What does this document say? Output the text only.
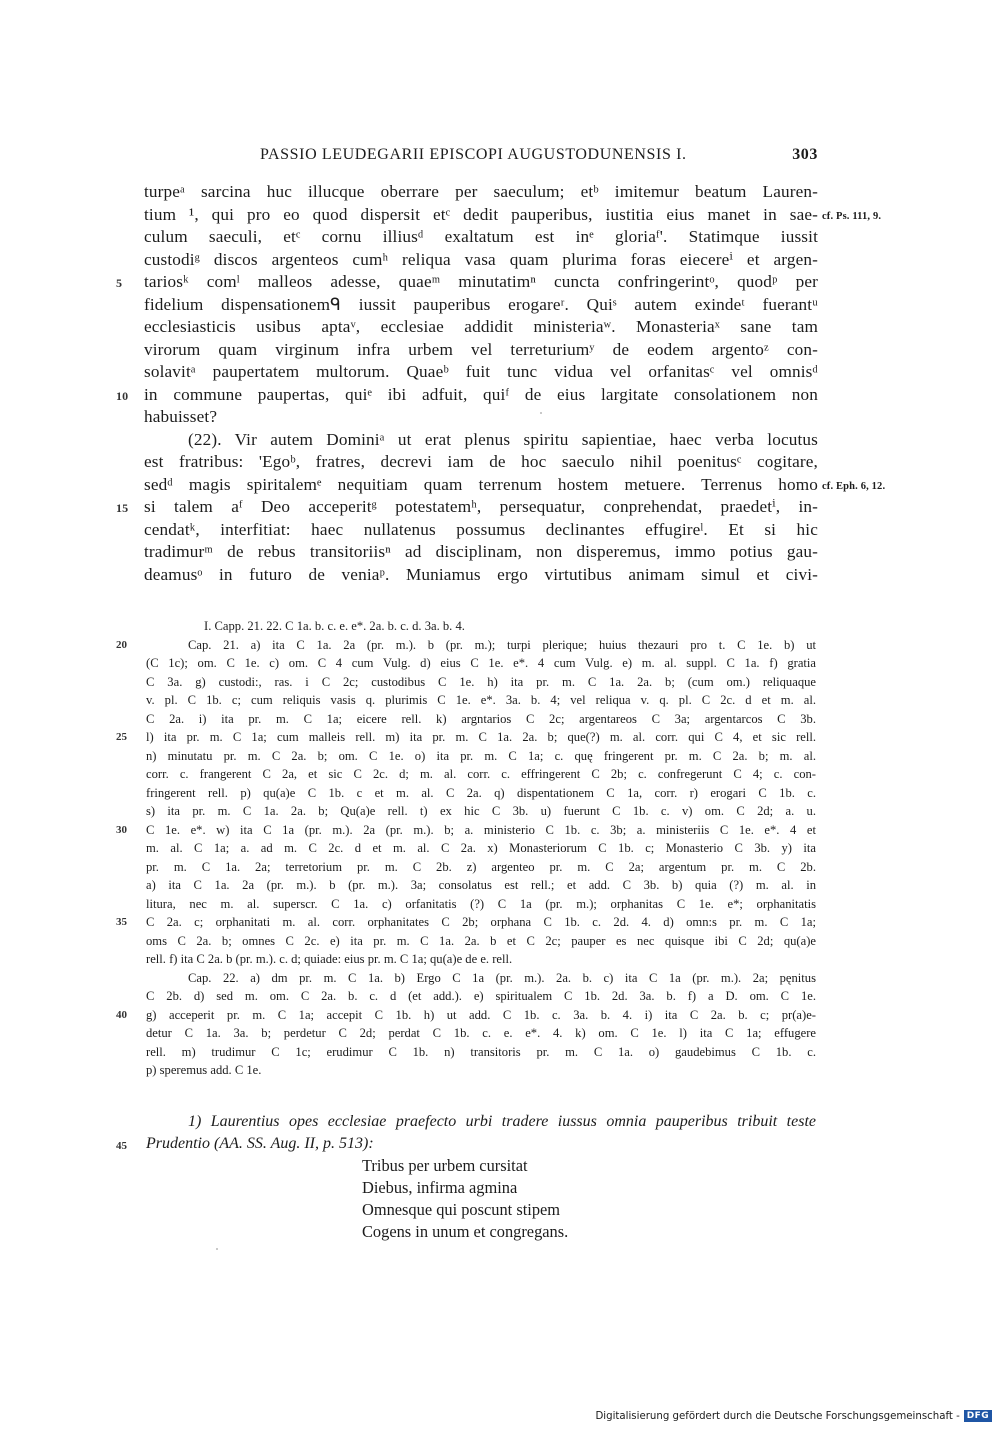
PASSIO LEUDEGARII EPISCOPI AUGUSTODUNENSIS I.	303
turpeᵃ sarcina huc illucque oberrare per saeculum; etᵇ imitemur beatum Lauren-
tium ¹, qui pro eo quod dispersit etᶜ dedit pauperibus, iustitia eius manet in sae- cf. Ps. 111, 9.
culum saeculi, etᶜ cornu illiusᵈ exaltatum est inᵉ gloriaᶠ'. Statimque iussit
custodiᵍ discos argenteos cumʰ reliqua vasa quam plurima foras eiecereⁱ et argen-
5 tariosᵏ comˡ malleos adesse, quaeᵐ minutatimⁿ cuncta confringerintᵒ, quodᵖ per
fidelium dispensationemᑫ iussit pauperibus erogareʳ. Quiˢ autem exindeᵗ fuerantᵘ
ecclesiasticis usibus aptaᵛ, ecclesiae addidit ministeriaʷ. Monasteriaˣ sane tam
virorum quam virginum infra urbem vel terreturiumʸ de eodem argentoᶻ con-
solavitᵃ paupertatem multorum. Quaeᵇ fuit tunc vidua vel orfanitasᶜ vel omnisᵈ
10 in commune paupertas, quiᵉ ibi adfuit, quiᶠ de eius largitate consolationem non
habuisset?
(22). Vir autem Dominiᵃ ut erat plenus spiritu sapientiae, haec verba locutus
est fratribus: 'Egoᵇ, fratres, decrevi iam de hoc saeculo nihil poenitusᶜ cogitare,
sedᵈ magis spiritalemᵉ nequitiam quam terrenum hostem metuere. Terrenus homo cf. Eph. 6, 12.
15 si talem aᶠ Deo acceperitᵍ potestatemʰ, persequatur, conprehendat, praedetⁱ, in-
cendatᵏ, interfitiat: haec nullatenus possumus declinantes effugireˡ. Et si hic
tradimurᵐ de rebus transitoriisⁿ ad disciplinam, non disperemus, immo potius gau-
deamusᵒ in futuro de veniaᵖ. Muniamus ergo virtutibus animam simul et civi-
I. Capp. 21. 22. C 1a. b. c. e. e*. 2a. b. c. d. 3a. b. 4.
20	Cap. 21. a) ita C 1a. 2a (pr. m.). b (pr. m.); turpi plerique; huius thezauri pro t. C 1e. b) ut
(C 1c); om. C 1e. c) om. C 4 cum Vulg. d) eius C 1e. e*. 4 cum Vulg. e) m. al. suppl. C 1a. f) gratia
C 3a. g) custodi:, ras. i C 2c; custodibus C 1e. h) ita pr. m. C 1a. 2a. b; (cum om.) reliquaque
v. pl. C 1b. c; cum reliquis vasis q. plurimis C 1e. e*. 3a. b. 4; vel reliqua v. q. pl. C 2c. d et m. al.
C 2a. i) ita pr. m. C 1a; eicere rell. k) argntarios C 2c; argentareos C 3a; argentarcos C 3b.
25 l) ita pr. m. C 1a; cum malleis rell. m) ita pr. m. C 1a. 2a. b; que(?) m. al. corr. qui C 4, et sic rell.
n) minutatu pr. m. C 2a. b; om. C 1e. o) ita pr. m. C 1a; c. quę fringerent pr. m. C 2a. b; m. al.
corr. c. frangerent C 2a, et sic C 2c. d; m. al. corr. c. effringerent C 2b; c. confregerunt C 4; c. con-
fringerent rell. p) qu(a)e C 1b. c et m. al. C 2a. q) dispentationem C 1a, corr. r) erogari C 1b. c.
s) ita pr. m. C 1a. 2a. b; Qu(a)e rell. t) ex hic C 3b. u) fuerunt C 1b. c. v) om. C 2d; a. u.
30 C 1e. e*. w) ita C 1a (pr. m.). 2a (pr. m.). b; a. ministerio C 1b. c. 3b; a. ministeriis C 1e. e*. 4 et
m. al. C 1a; a. ad m. C 2c. d et m. al. C 2a. x) Monasteriorum C 1b. c; Monasterio C 3b. y) ita
pr. m. C 1a. 2a; terretorium pr. m. C 2b. z) argenteo pr. m. C 2a; argentum pr. m. C 2b.
a) ita C 1a. 2a (pr. m.). b (pr. m.). 3a; consolatus est rell.; et add. C 3b. b) quia (?) m. al. in
litura, nec m. al. superscr. C 1a. c) orfanitatis (?) C 1a (pr. m.); orphanitas C 1e. e*; orphanitatis
35 C 2a. c; orphanitati m. al. corr. orphanitates C 2b; orphana C 1b. c. 2d. 4. d) omn:s pr. m. C 1a;
oms C 2a. b; omnes C 2c. e) ita pr. m. C 1a. 2a. b et C 2c; pauper es nec quisque ibi C 2d; qu(a)e
rell. f) ita C 2a. b (pr. m.). c. d; quiade: eius pr. m. C 1a; qu(a)e de e. rell.
Cap. 22. a) dm pr. m. C 1a. b) Ergo C 1a (pr. m.). 2a. b. c) ita C 1a (pr. m.). 2a; pęnitus
C 2b. d) sed m. om. C 2a. b. c. d (et add.). e) spiritualem C 1b. 2d. 3a. b. f) a D. om. C 1e.
40 g) acceperit pr. m. C 1a; accepit C 1b. h) ut add. C 1b. c. 3a. b. 4. i) ita C 2a. b. c; pr(a)e-
detur C 1a. 3a. b; perdetur C 2d; perdat C 1b. c. e. e*. 4. k) om. C 1e. l) ita C 1a; effugere
rell. m) trudimur C 1c; erudimur C 1b. n) transitoris pr. m. C 1a. o) gaudebimus C 1b. c.
p) speremus add. C 1e.
1) Laurentius opes ecclesiae praefecto urbi tradere iussus omnia pauperibus tribuit teste
45 Prudentio (AA. SS. Aug. II, p. 513):
Tribus per urbem cursitat
Diebus, infirma agmina
Omnesque qui poscunt stipem
Cogens in unum et congregans.
Digitalisierung gefördert durch die Deutsche Forschungsgemeinschaft - DFG
